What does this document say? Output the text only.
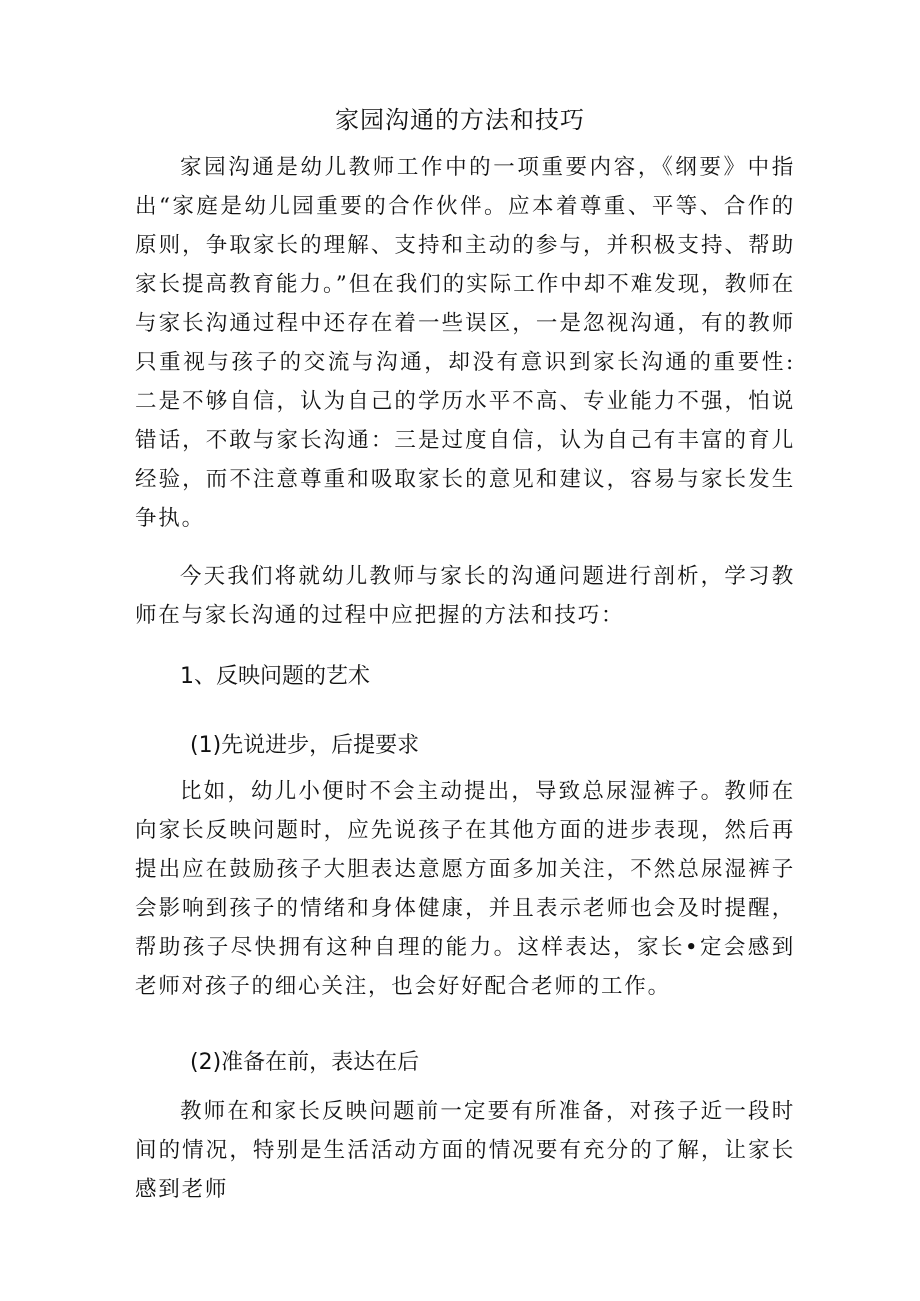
家园沟通的方法和技巧

家园沟通是幼儿教师工作中的一项重要内容，《纲要》中指出“家庭是幼儿园重要的合作伙伴。应本着尊重、平等、合作的原则，争取家长的理解、支持和主动的参与，并积极支持、帮助家长提高教育能力。”但在我们的实际工作中却不难发现，教师在与家长沟通过程中还存在着一些误区，一是忽视沟通，有的教师只重视与孩子的交流与沟通，却没有意识到家长沟通的重要性:二是不够自信，认为自己的学历水平不高、专业能力不强，怕说错话，不敢与家长沟通：三是过度自信，认为自己有丰富的育儿经验，而不注意尊重和吸取家长的意见和建议，容易与家长发生争执。

今天我们将就幼儿教师与家长的沟通问题进行剖析，学习教师在与家长沟通的过程中应把握的方法和技巧：

1、反映问题的艺术
(1)先说进步，后提要求

比如，幼儿小便时不会主动提出，导致总尿湿裤子。教师在向家长反映问题时，应先说孩子在其他方面的进步表现，然后再提出应在鼓励孩子大胆表达意愿方面多加关注，不然总尿湿裤子会影响到孩子的情绪和身体健康，并且表示老师也会及时提醒，帮助孩子尽快拥有这种自理的能力。这样表达，家长•定会感到老师对孩子的细心关注，也会好好配合老师的工作。

(2)准备在前，表达在后

教师在和家长反映问题前一定要有所准备，对孩子近一段时间的情况，特别是生活活动方面的情况要有充分的了解，让家长感到老师
